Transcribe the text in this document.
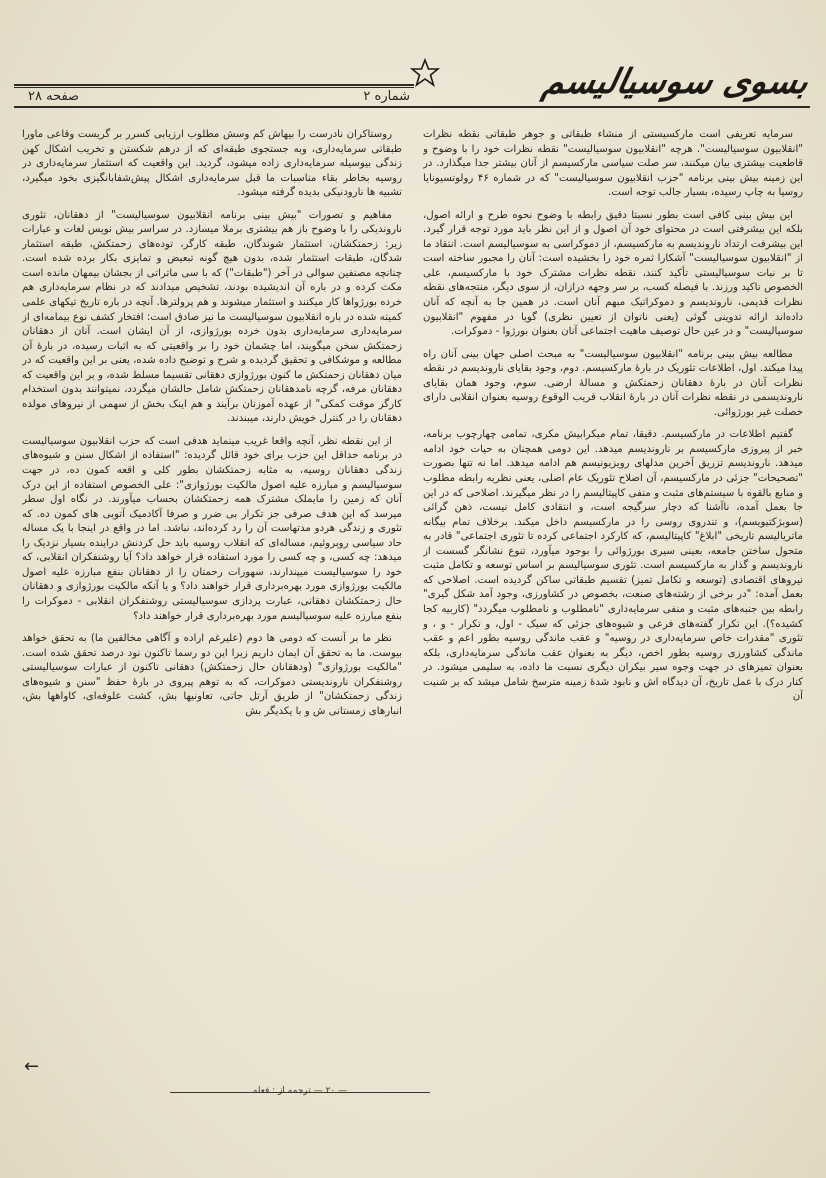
بسوی سوسیالیسم
شماره ۲
صفحه ۲۸

سرمایه تعریفی است مارکسیستی از منشاء طبقاتی و جوهر طبقاتی نقطه نظرات "انقلابیون سوسیالیست". هرچه "انقلابیون سوسیالیست" نقطه نظرات خود را با وضوح و قاطعیت بیشتری بیان میکنند، سر صلت سیاسی مارکسیسم از آنان بیشتر جدا میگذارد. در این زمینه بیش بینی برنامه "حزب انقلابیون سوسیالیست" که در شماره ۴۶ رولوتسیونایا روسیا به چاپ رسیده، بسیار جالب توجه است.

این بیش بینی کافی است بطور نسبتا دقیق رابطه با وضوح نحوه طرح و ارائه اصول، بلکه این بیشرفتی است در محتوای خود آن اصول و از این نظر باید مورد توجه قرار گیرد. این بیشرفت ارتداد ناروندیسم به مارکسیسم، از دموکراسی به سوسیالیسم است. انتقاد ما از "انقلابیون سوسیالیست" آشکارا ثمره خود را بخشیده است: آنان را مجبور ساخته است تا بر نبات سوسیالیستی تأکید کنند، نقطه نظرات مشترک خود با مارکسیسم، علی الخصوص تاکید ورزند. با فیصله کسب، بر سر وجهه درازان، از سوی دیگر، منتجه‌های نقطه نظرات قدیمی، ناروندیسم و دموکراتیک مبهم آنان است. در همین جا به آنچه که آنان داده‌اند ارائه تدوینی گوئی (یعنی ناتوان از تعیین نظری) گویا در مفهوم "انقلابیون سوسیالیست" و در عین حال توصیف ماهیت اجتماعی آنان بعنوان بورژوا - دموکرات.

مطالعه بیش بینی برنامه "انقلابیون سوسیالیست" به مبحث اصلی جهان بینی آنان راه پیدا میکند. اول، اطلاعات تئوریک در بارۀ مارکسیسم. دوم، وجود بقایای ناروندیسم در نقطه نظرات آنان در بارۀ دهقانان زحمتکش و مسالۀ ارضی. سوم، وجود همان بقایای ناروندیسمی در نقطه نظرات آنان در بارۀ انقلاب قریب الوقوع روسیه بعنوان انقلابی دارای خصلت غیر بورژوائی.

گفتیم اطلاعات در مارکسیسم. دقیقا، تمام میکرابیش مکری، تمامی چهارچوب برنامه، خبر از پیروزی مارکسیسم بر ناروندیسم میدهد. این دومی همچنان به حیات خود ادامه میدهد. ناروندیسم تزریق آخرین مدلهای رویزیونیسم هم ادامه میدهد. اما نه تنها بصورت "تصحیحات" جزئی در مارکسیسم، آن اصلاح تئوریک عام اصلی، یعنی نظریه رابطه مطلوب و منابع بالقوه با سیستم‌های مثبت و منفی کاپیتالیسم را در نظر میگیرند. اصلاحی که در این جا بعمل آمده، ناآشنا که دچار سرگیجه است، و انتقادی کامل نیست، ذهن گرائی (سوبژکتیویسم)، و تندروی روسی را در مارکسیسم داخل میکند. برخلاف تمام بیگانه ماتریالیسم تاریخی "ابلاغ" کاپیتالیسم، که کارکرد اجتماعی کرده تا تئوری اجتماعی" قادر به متحول ساختن جامعه، بعینی سیری بورژوائی را بوجود میآورد، تنوع نشانگر گسست از ناروندیسم و گذار به مارکسیسم است. تئوری سوسیالیسم بر اساس توسعه و تکامل مثبت نیروهای اقتصادی (توسعه و تکامل تمیز) تقسیم طبقاتی ساکن گردیده است. اصلاحی که بعمل آمده: "در برخی از رشته‌های صنعت، بخصوص در کشاورزی، وجود آمد شکل گیری" رابطه بین جنبه‌های مثبت و منفی سرمایه‌داری "نامطلوب و نامطلوب میگردد" (کاربیه کجا کشیده؟). این تکرار گفته‌های فرعی و شیوه‌های جزئی که سیک - اول، و تکرار - و ، و تئوری "مقدرات خاص سرمایه‌داری در روسیه" و عقب ماندگی روسیه بطور اعم و عقب ماندگی کشاورزی روسیه بطور اخص، دیگر به بعنوان عقب ماندگی سرمایه‌داری، بلکه بعنوان تمیز‌های در جهت وجوه سیر بیکران دیگری نسبت ما داده، به سلیمی میشود. در کنار درک با عمل تاریخ، آن دیدگاه اش و نابود شدۀ زمینه مترسخ شامل میشد که بر شنیت آن

روستاکران نادرست را بیهاش کم وسش مطلوب ارزیابی کسرر بر گریست وقاعی ماورا طبقاتی سرمایه‌داری، وبه جستجوی طبقه‌ای که از درهم شکستن و تخریب اشکال کهن زندگی بیوسیله سرمایه‌داری زاده میشود، گردید. این واقعیت که استثمار سرمایه‌داری در روسیه بخاطر بقاء مناسبات ما قبل سرمایه‌داری اشکال پیش‌شفابانگیزی بخود میگیرد، تشبیه ها نارودنیکی بدیده گرفته میشود.

مفاهیم و تصورات "بیش بینی برنامه انقلابیون سوسیالیست" از دهقانان، تئوری ناروندیکی را با وضوح باز هم بیشتری برملا میسازد. در سراسر بیش نویس لغات و عبارات زیر: زحمتکشان، استثمار شوندگان، طبقه کارگر، توده‌های زحمتکش، طبقه استثمار شدگان، طبقات استثمار شده، بدون هیچ گونه تبعیض و تمایزی بکار برده شده است. چنانچه مصنفین سوالی در آخر ("طبقات") که با سی ماتراتی از بجشان بیمهان مانده است مکث کرده و در باره آن اندیشیده بودند، تشخیص میدادند که در نظام سرمایه‌داری هم خرده بورژواها کار میکنند و استثمار میشوند و هم پرولترها. آنچه در باره تاریخ تیکهای علمی کمیته شده در باره انقلابیون سوسیالیست ما نیز صادق است: افتخار کشف نوع بیمامه‌ای از سرمایه‌داری سرمایه‌داری بدون خرده بورژوازی، از آن ایشان است. آنان از دهقانان زحمتکش سخن میگویند، اما چشمان خود را بر واقعیتی که به اثبات رسیده، در بارۀ آن مطالعه و موشکافی و تحقیق گردیده و شرح و توضیح داده شده، یعنی بر این واقعیت که در میان دهقانان زحمتکش ما کنون بورژوازی دهقانی تقسیما مسلط شده، و بر این واقعیت که دهقانان مرفه، گرچه نامدهقانان زحمتکش شامل حالشان میگردد، نمیتوانند بدون استخدام کارگر موقت کمکی" از عهده آموزنان برآیند و هم اینک بخش از سهمی از نیروهای مولده دهقانان را در کنترل خویش دارند، میبندند.

از این نقطه نظر، آنچه واقعا غریب مینماید هدفی است که حزب انقلابیون سوسیالیست در برنامه حداقل این حزب برای خود قائل گردیده: "استفاده از اشکال سنن و شیوه‌های زندگی دهقانان روسیه، به مثابه زحمتکشان بطور کلی و اقعه کمون ده، در جهت سوسیالیسم و مبارزه علیه اصول مالکیت بورژوازی": علی الخصوص استفاده از این درک آنان که زمین را مایملک مشترک همه زحمتکشان بحساب میآورند. در نگاه اول سطر میرسد که این هدف صرفی جز تکرار بی ضرر و صرفا آکادمیک آتوبی های کمون ده. که تئوری و زندگی هردو مدتهاست آن را رد کرده‌اند، نباشد. اما در واقع در اینجا با یک مساله حاد سیاسی روبروئیم، مساله‌ای که انقلاب روسیه باید حل کردنش دراینده بسیار نزدیک را میدهد: چه کسی، و چه کسی را مورد استفاده قرار خواهد داد؟ آیا روشنفکران انقلابی، که خود را سوسیالیست میپندارند، سهورات رحمتان را از دهقانان بنفع مبارزه علیه اصول مالکیت بورژوازی مورد بهره‌برداری قرار خواهند داد؟ و یا آنکه مالکیت بورژوازی و دهقانان حال زحمتکشان دهقانی، عبارت پردازی سوسیالیستی روشنفکران انقلابی - دموکرات را بنفع مبارزه علیه سوسیالیسم مورد بهره‌برداری قرار خواهند داد؟

نظر ما بر آنست که دومی ها دوم (علیرغم اراده و آگاهی مخالفین ما) به تحقق خواهد بیوست. ما به تحقق آن ایمان داریم زیرا این دو رسما تاکنون نود درصد تحقق شده است. "مالکیت بورژوازی" (ودهقانان حال زحمتکش) دهقانی تاکنون از عبارات سوسیالیستی روشنفکران ناروندیستی دموکرات، که به توهم پیروی در بارۀ حفظ "سنن و شیوه‌های زندگی زحمتکشان" از طریق آرتل جاتی، تعاونیها بش، کشت علوفه‌ای، کاواهها بش، انبار‌های زمستانی ش و با یکدیگر بش

←
— ۲۰ — ترجمه از : فعله
